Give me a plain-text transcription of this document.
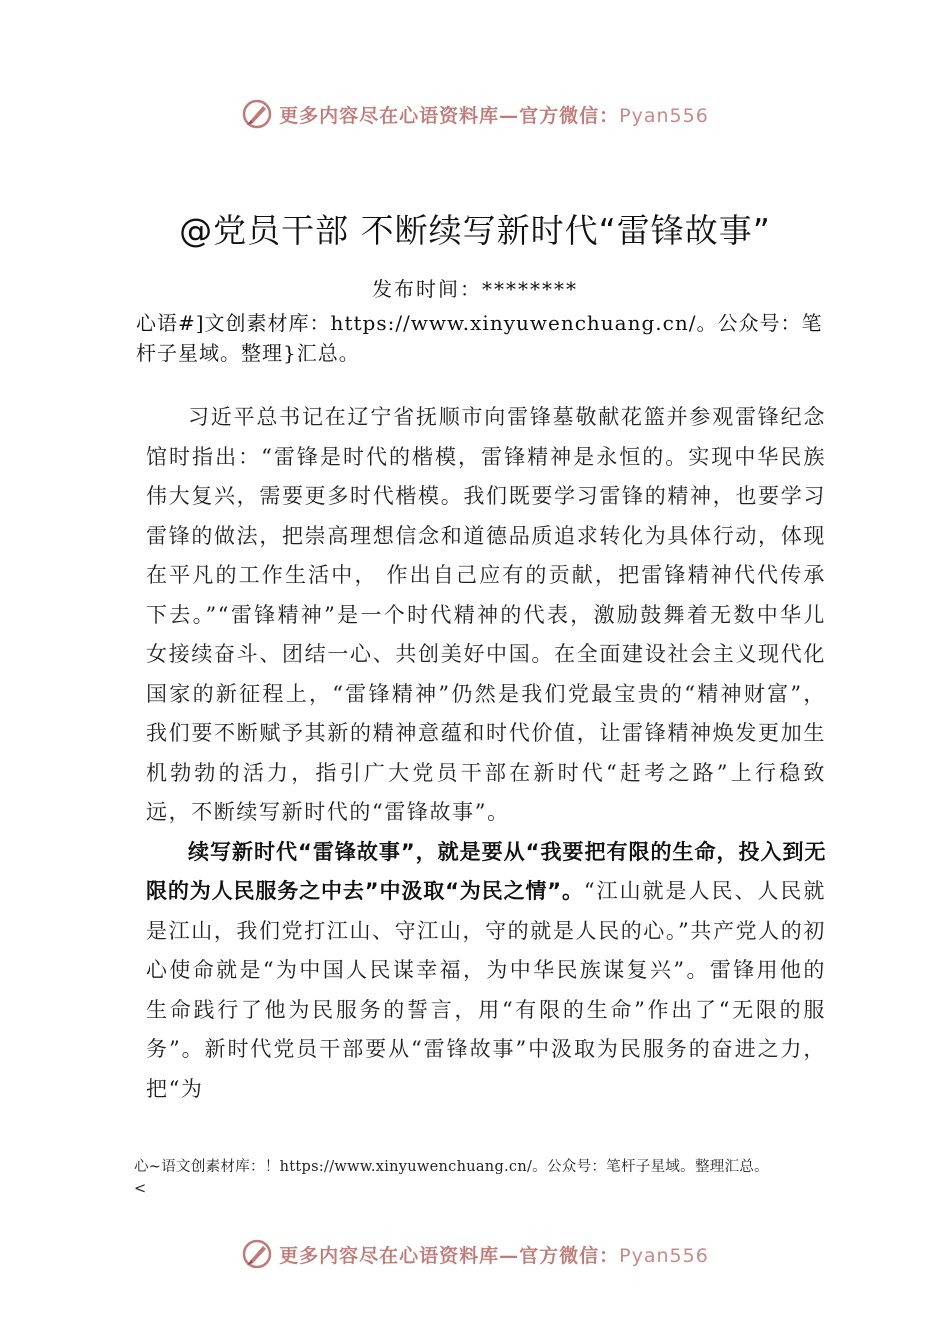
更多内容尽在心语资料库—官方微信：Pyan556
@党员干部 不断续写新时代“雷锋故事”
发布时间：********
心语#]文创素材库：https://www.xinyuwenchuang.cn/。公众号：笔杆子星域。整理}汇总。

习近平总书记在辽宁省抚顺市向雷锋墓敬献花篮并参观雷锋纪念馆时指出：“雷锋是时代的楷模，雷锋精神是永恒的。实现中华民族伟大复兴，需要更多时代楷模。我们既要学习雷锋的精神，也要学习雷锋的做法，把崇高理想信念和道德品质追求转化为具体行动，体现在平凡的工作生活中， 作出自己应有的贡献，把雷锋精神代代传承下去。”“雷锋精神”是一个时代精神的代表，激励鼓舞着无数中华儿女接续奋斗、团结一心、共创美好中国。在全面建设社会主义现代化国家的新征程上，“雷锋精神”仍然是我们党最宝贵的“精神财富”，我们要不断赋予其新的精神意蕴和时代价值，让雷锋精神焕发更加生机勃勃的活力，指引广大党员干部在新时代“赶考之路”上行稳致远，不断续写新时代的“雷锋故事”。

续写新时代“雷锋故事”，就是要从“我要把有限的生命，投入到无限的为人民服务之中去”中汲取“为民之情”。“江山就是人民、人民就是江山，我们党打江山、守江山，守的就是人民的心。”共产党人的初心使命就是“为中国人民谋幸福，为中华民族谋复兴”。雷锋用他的生命践行了他为民服务的誓言，用“有限的生命”作出了“无限的服务”。新时代党员干部要从“雷锋故事”中汲取为民服务的奋进之力，把“为

心~语文创素材库：！https://www.xinyuwenchuang.cn/。公众号：笔杆子星域。整理汇总。
<
更多内容尽在心语资料库—官方微信：Pyan556
